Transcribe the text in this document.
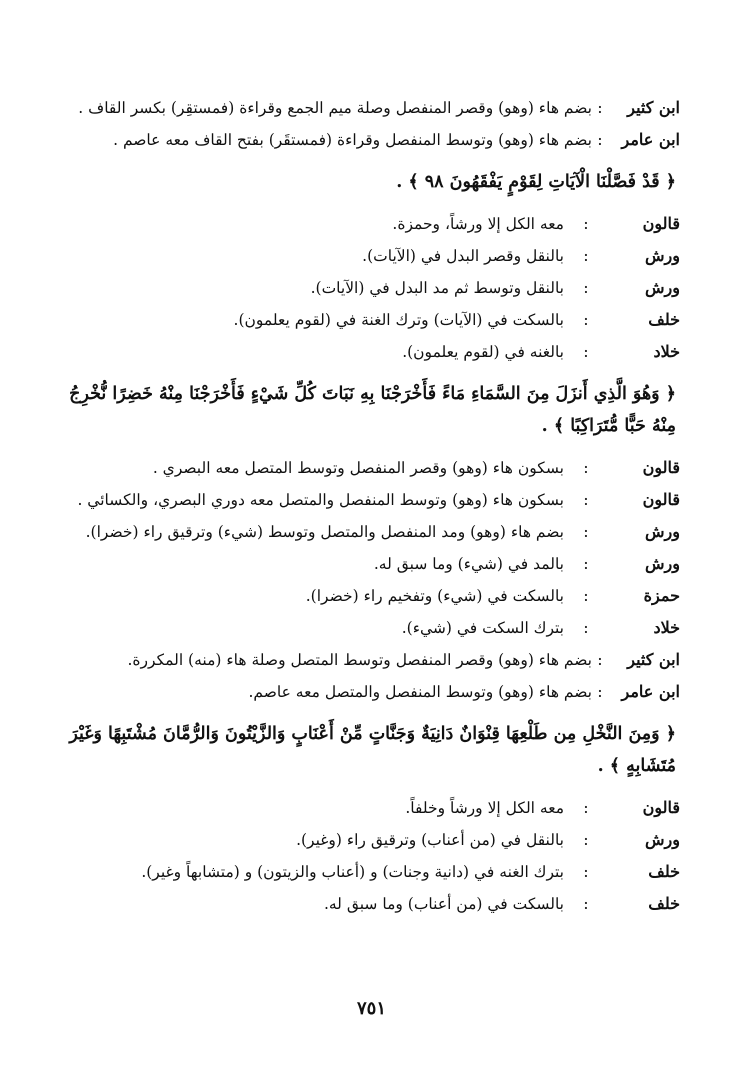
ابن كثير
:
بضم هاء (وهو) وقصر المنفصل وصلة ميم الجمع وقراءة (فمستقِر) بكسر القاف .
ابن عامر
:
بضم هاء (وهو) وتوسط المنفصل وقراءة (فمستقَر) بفتح القاف معه عاصم .
﴿ قَدْ فَصَّلْنَا الْآيَاتِ لِقَوْمٍ يَفْقَهُونَ ٩٨ ﴾ .
قالون
:
معه الكل إلا ورشاً، وحمزة.
ورش
:
بالنقل وقصر البدل في (الآيات).
ورش
:
بالنقل وتوسط ثم مد البدل في (الآيات).
خلف
:
بالسكت في (الآيات) وترك الغنة في (لقوم يعلمون).
خلاد
:
بالغنه في (لقوم يعلمون).
﴿ وَهُوَ الَّذِي أَنزَلَ مِنَ السَّمَاءِ مَاءً فَأَخْرَجْنَا بِهِ نَبَاتَ كُلِّ شَيْءٍ فَأَخْرَجْنَا مِنْهُ خَضِرًا نُّخْرِجُ مِنْهُ حَبًّا مُّتَرَاكِبًا ﴾ .
قالون
:
بسكون هاء (وهو) وقصر المنفصل وتوسط المتصل معه البصري .
قالون
:
بسكون هاء (وهو) وتوسط المنفصل والمتصل معه دوري البصري، والكسائي .
ورش
:
بضم هاء (وهو) ومد المنفصل والمتصل وتوسط (شيء) وترقيق راء (خضرا).
ورش
:
بالمد في (شيء) وما سبق له.
حمزة
:
بالسكت في (شيء) وتفخيم راء (خضرا).
خلاد
:
بترك السكت في (شيء).
ابن كثير
:
بضم هاء (وهو) وقصر المنفصل وتوسط المتصل وصلة هاء (منه) المكررة.
ابن عامر
:
بضم هاء (وهو) وتوسط المنفصل والمتصل معه عاصم.
﴿ وَمِنَ النَّخْلِ مِن طَلْعِهَا قِنْوَانٌ دَانِيَةٌ وَجَنَّاتٍ مِّنْ أَعْنَابٍ وَالزَّيْتُونَ وَالرُّمَّانَ مُشْتَبِهًا وَغَيْرَ مُتَشَابِهٍ ﴾ .
قالون
:
معه الكل إلا ورشاً وخلفاً.
ورش
:
بالنقل في (من أعناب) وترقيق راء (وغير).
خلف
:
بترك الغنه في (دانية وجنات) و (أعناب والزيتون) و (متشابهاً وغير).
خلف
:
بالسكت في (من أعناب) وما سبق له.
٧٥١
